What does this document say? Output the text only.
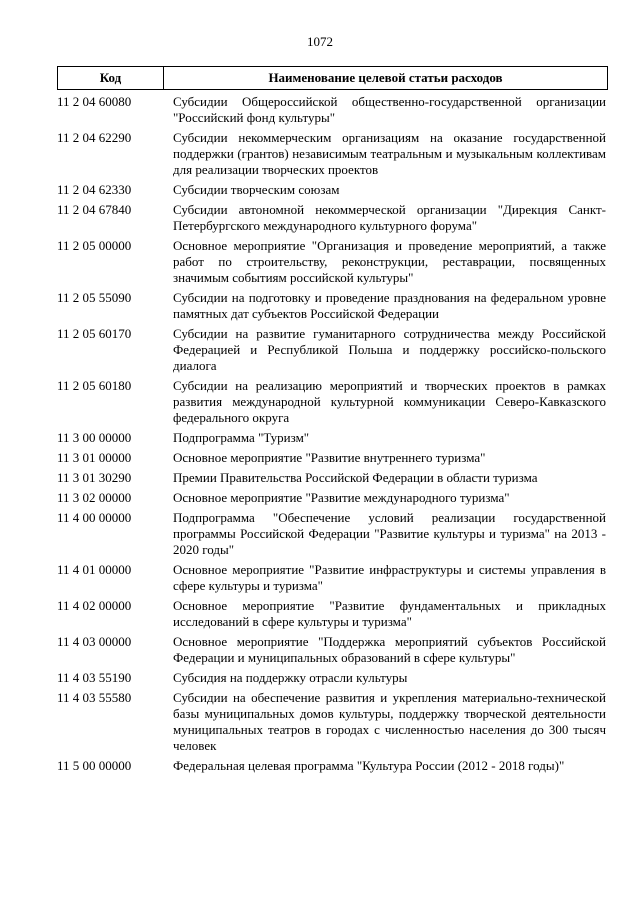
1072
Код	Наименование целевой статьи расходов
11 2 04 60080	Субсидии Общероссийской общественно-государственной организации "Российский фонд культуры"
11 2 04 62290	Субсидии некоммерческим организациям на оказание государственной поддержки (грантов) независимым театральным и музыкальным коллективам для реализации творческих проектов
11 2 04 62330	Субсидии творческим союзам
11 2 04 67840	Субсидии автономной некоммерческой организации "Дирекция Санкт-Петербургского международного культурного форума"
11 2 05 00000	Основное мероприятие "Организация и проведение мероприятий, а также работ по строительству, реконструкции, реставрации, посвященных значимым событиям российской культуры"
11 2 05 55090	Субсидии на подготовку и проведение празднования на федеральном уровне памятных дат субъектов Российской Федерации
11 2 05 60170	Субсидии на развитие гуманитарного сотрудничества между Российской Федерацией и Республикой Польша и поддержку российско-польского диалога
11 2 05 60180	Субсидии на реализацию мероприятий и творческих проектов в рамках развития международной культурной коммуникации Северо-Кавказского федерального округа
11 3 00 00000	Подпрограмма "Туризм"
11 3 01 00000	Основное мероприятие "Развитие внутреннего туризма"
11 3 01 30290	Премии Правительства Российской Федерации в области туризма
11 3 02 00000	Основное мероприятие "Развитие международного туризма"
11 4 00 00000	Подпрограмма "Обеспечение условий реализации государственной программы Российской Федерации "Развитие культуры и туризма" на 2013 - 2020 годы"
11 4 01 00000	Основное мероприятие "Развитие инфраструктуры и системы управления в сфере культуры и туризма"
11 4 02 00000	Основное мероприятие "Развитие фундаментальных и прикладных исследований в сфере культуры и туризма"
11 4 03 00000	Основное мероприятие "Поддержка мероприятий субъектов Российской Федерации и муниципальных образований в сфере культуры"
11 4 03 55190	Субсидия на поддержку отрасли культуры
11 4 03 55580	Субсидии на обеспечение развития и укрепления материально-технической базы муниципальных домов культуры, поддержку творческой деятельности муниципальных театров в городах с численностью населения до 300 тысяч человек
11 5 00 00000	Федеральная целевая программа "Культура России (2012 - 2018 годы)"
